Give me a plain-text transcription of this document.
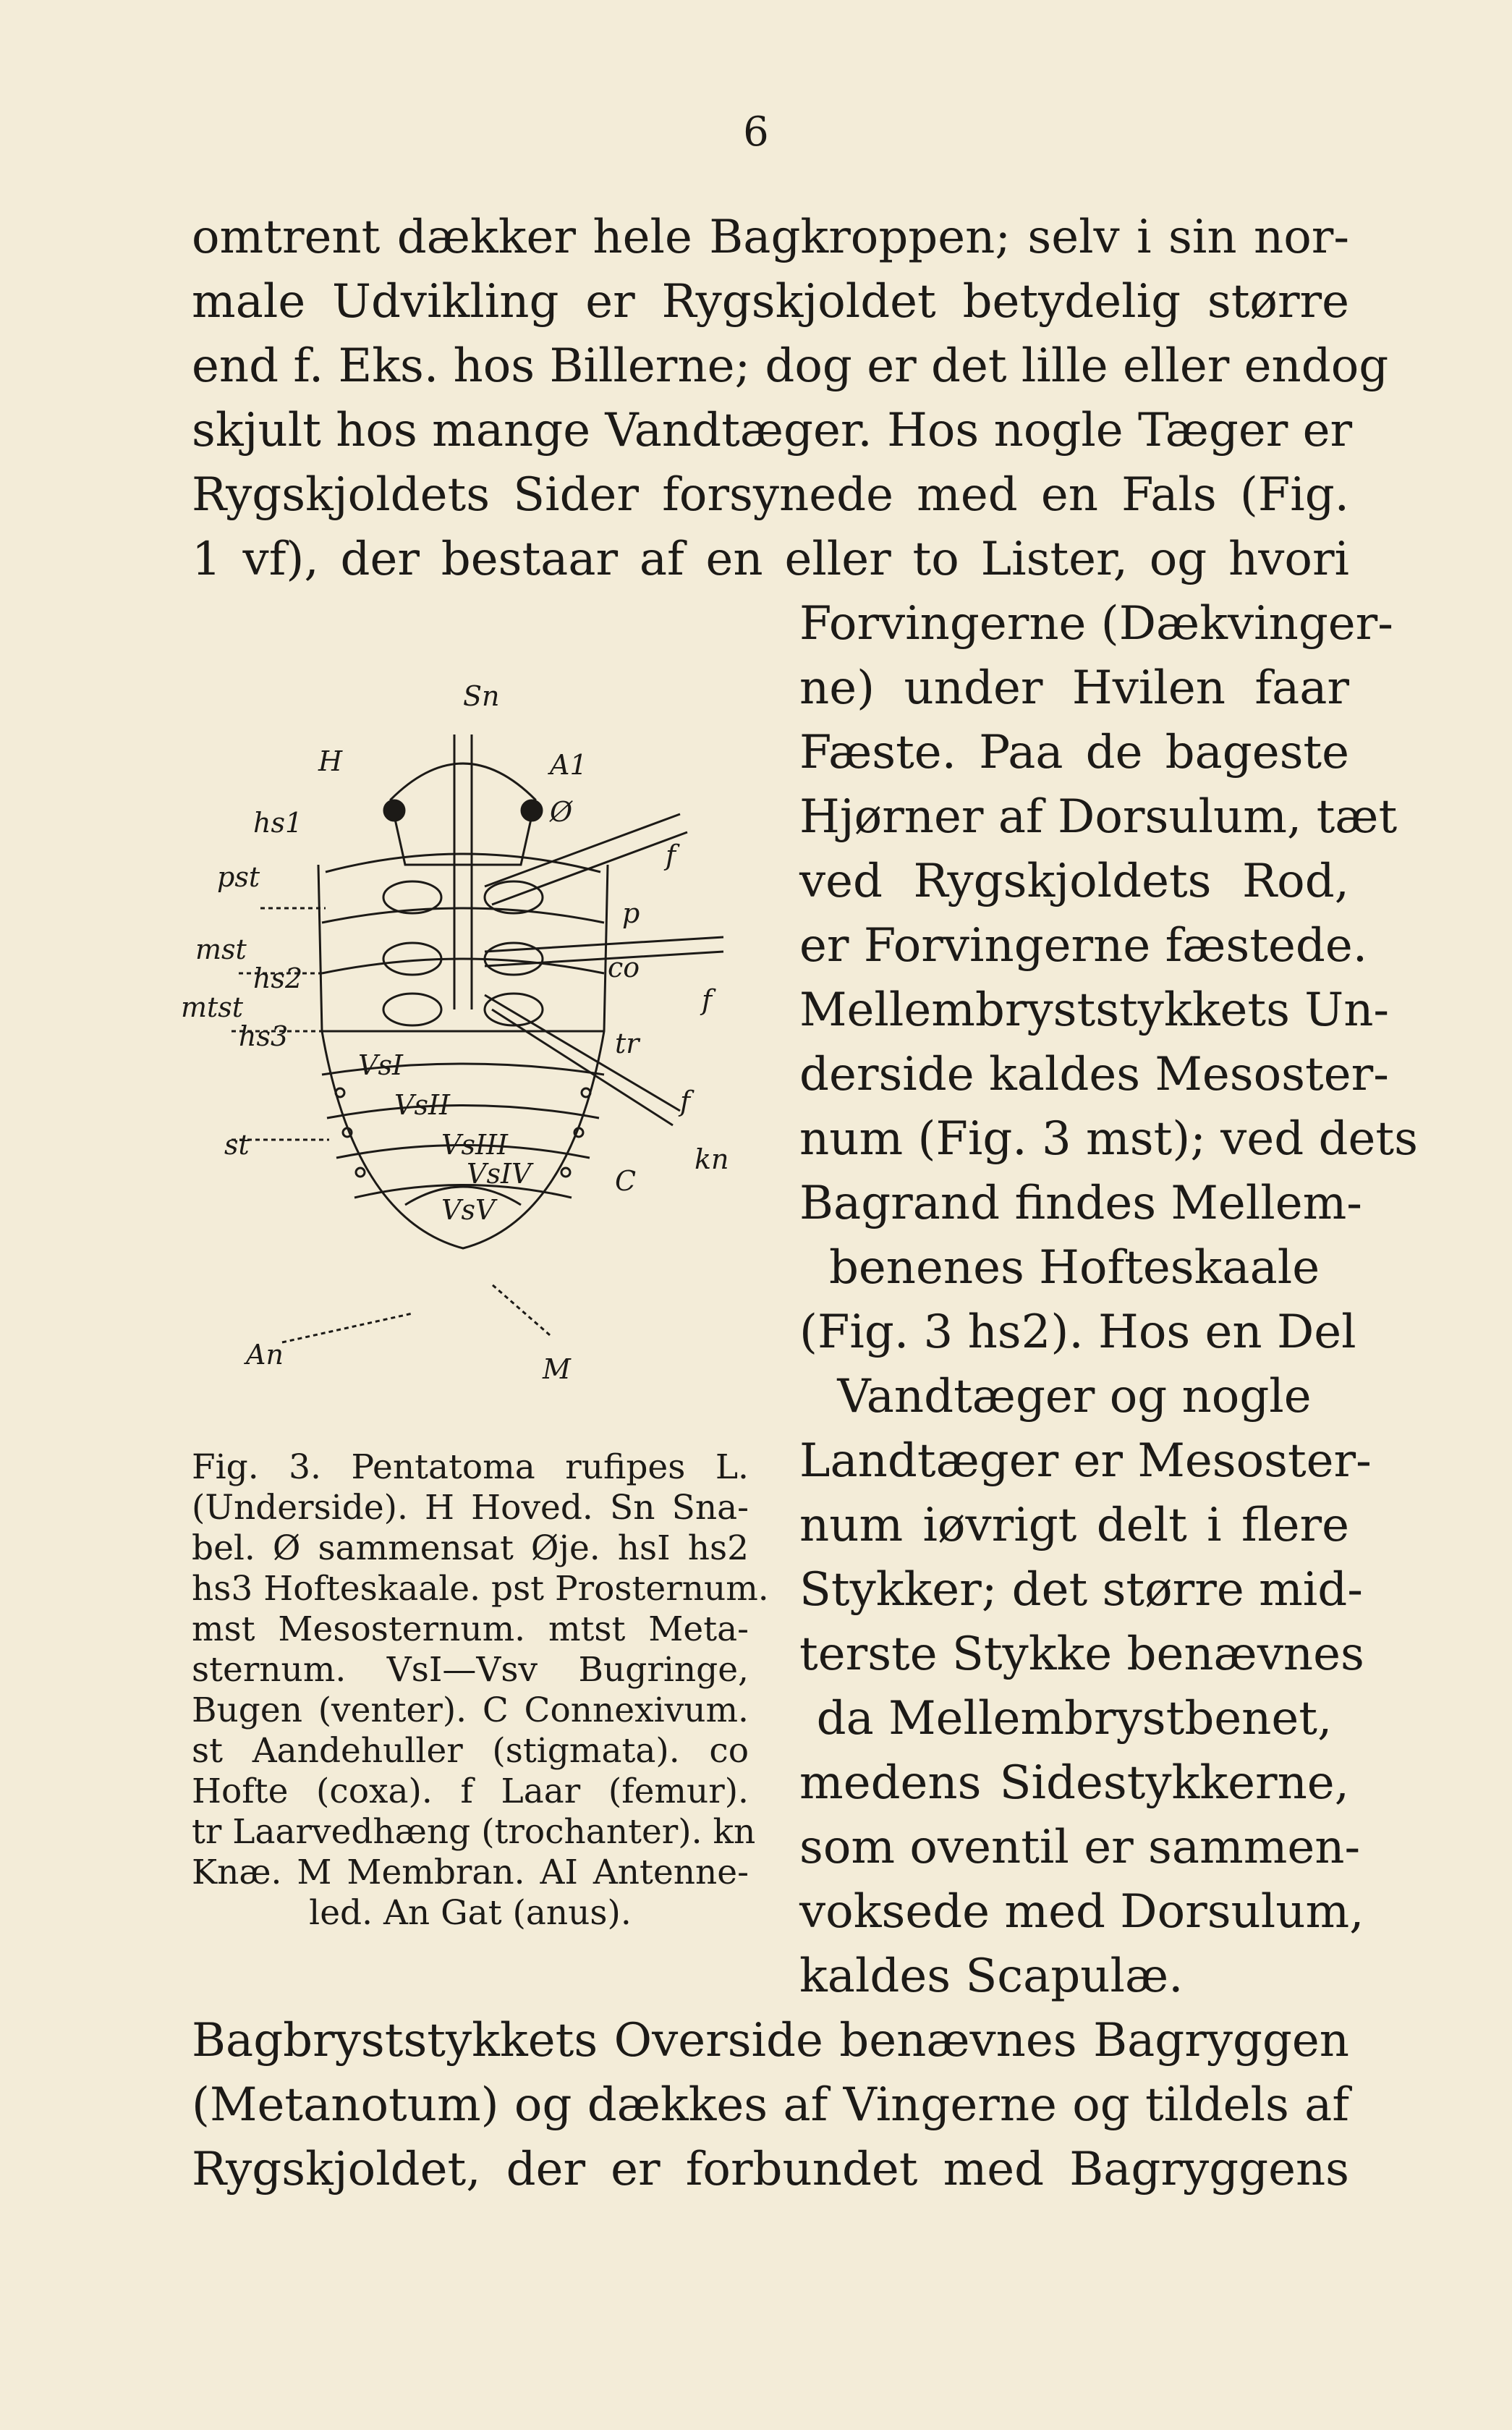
6
omtrent dækker hele Bagkroppen; selv i sin nor-
male Udvikling er Rygskjoldet betydelig større
end f. Eks. hos Billerne; dog er det lille eller endog
skjult hos mange Vandtæger. Hos nogle Tæger er
Rygskjoldets Sider forsynede med en Fals (Fig.
1 vf), der bestaar af en eller to Lister, og hvori
Forvingerne (Dækvinger-
ne) under Hvilen faar
Fæste. Paa de bageste
Hjørner af Dorsulum, tæt
ved Rygskjoldets Rod,
er Forvingerne fæstede.
Mellembryststykkets Un-
derside kaldes Mesoster-
num (Fig. 3 mst); ved dets
Bagrand findes Mellem-
benenes Hofteskaale
(Fig. 3 hs2). Hos en Del
Vandtæger og nogle
Landtæger er Mesoster-
num iøvrigt delt i flere
Stykker; det større mid-
terste Stykke benævnes
da Mellembrystbenet,
medens Sidestykkerne,
som oventil er sammen-
voksede med Dorsulum,
kaldes Scapulæ.
Sn
H	A1
hs1	Ø
pst
f
mst
p
hs2	co
mtst	f
hs3	tr
VsI
VsII
VsIII
VsIV
VsV
st
f
kn
C
An	M
Fig. 3. Pentatoma rufipes L.
(Underside). H Hoved. Sn Sna-
bel. Ø sammensat Øje. hsI hs2
hs3 Hofteskaale. pst Prosternum.
mst Mesosternum. mtst Meta-
sternum. VsI—Vsv Bugringe,
Bugen (venter). C Connexivum.
st Aandehuller (stigmata). co
Hofte (coxa). f Laar (femur).
tr Laarvedhæng (trochanter). kn
Knæ. M Membran. AI Antenne-
led. An Gat (anus).
Bagbryststykkets Overside benævnes Bagryggen
(Metanotum) og dækkes af Vingerne og tildels af
Rygskjoldet, der er forbundet med Bagryggens
